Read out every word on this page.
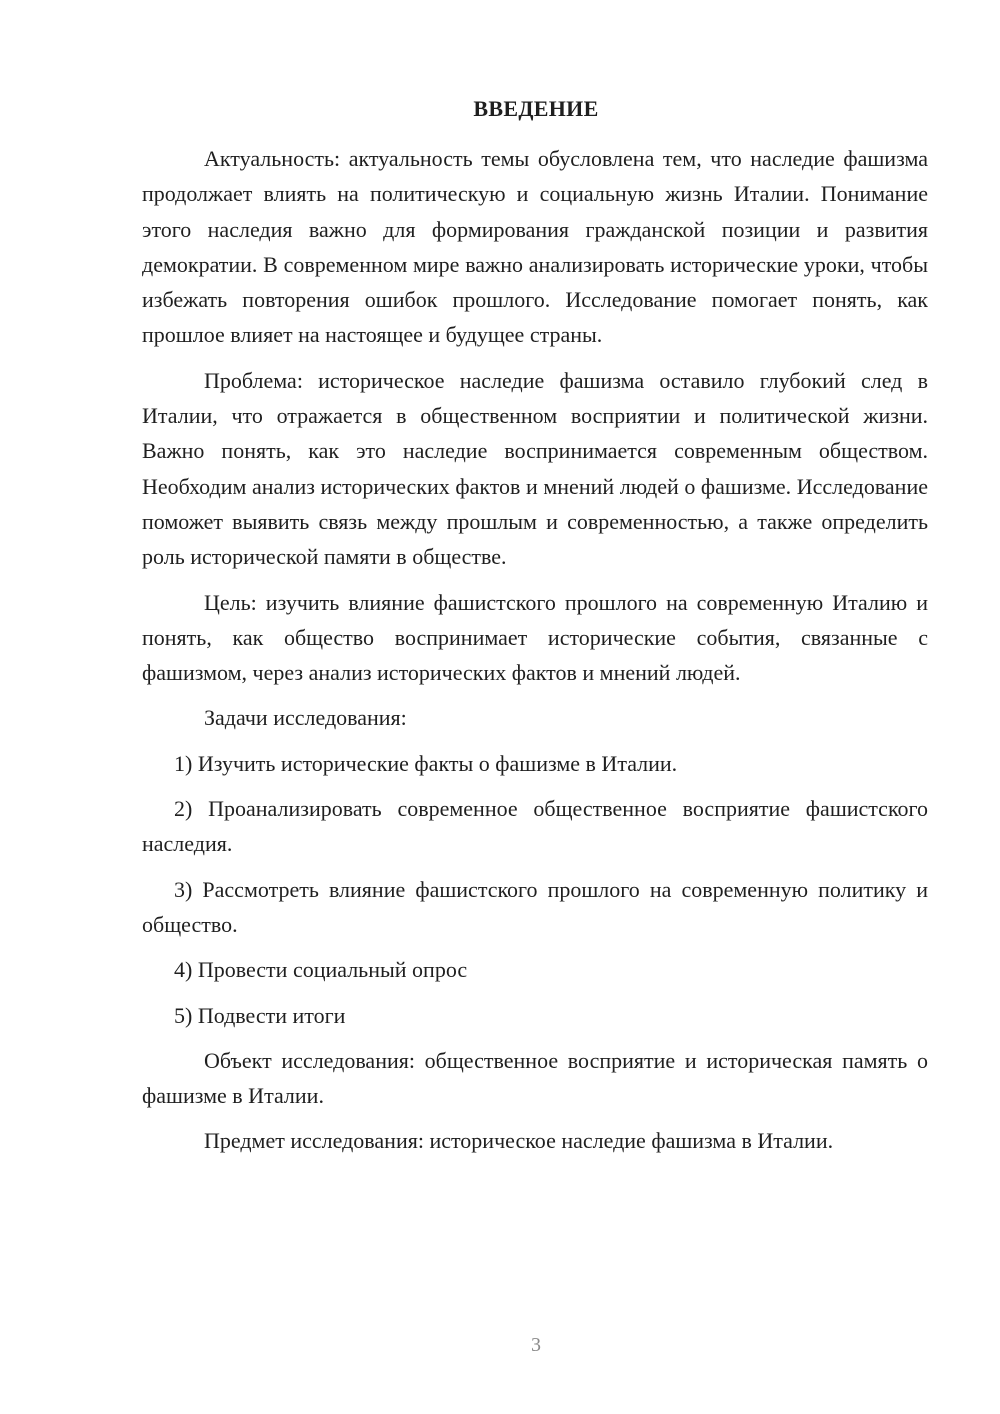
ВВЕДЕНИЕ

Актуальность: актуальность темы обусловлена тем, что наследие фашизма продолжает влиять на политическую и социальную жизнь Италии. Понимание этого наследия важно для формирования гражданской позиции и развития демократии. В современном мире важно анализировать исторические уроки, чтобы избежать повторения ошибок прошлого. Исследование помогает понять, как прошлое влияет на настоящее и будущее страны.

Проблема: историческое наследие фашизма оставило глубокий след в Италии, что отражается в общественном восприятии и политической жизни. Важно понять, как это наследие воспринимается современным обществом. Необходим анализ исторических фактов и мнений людей о фашизме. Исследование поможет выявить связь между прошлым и современностью, а также определить роль исторической памяти в обществе.

Цель: изучить влияние фашистского прошлого на современную Италию и понять, как общество воспринимает исторические события, связанные с фашизмом, через анализ исторических фактов и мнений людей.

Задачи исследования:

1) Изучить исторические факты о фашизме в Италии.

2) Проанализировать современное общественное восприятие фашистского наследия.

3) Рассмотреть влияние фашистского прошлого на современную политику и общество.

4) Провести социальный опрос

5) Подвести итоги

Объект исследования: общественное восприятие и историческая память о фашизме в Италии.

Предмет исследования: историческое наследие фашизма в Италии.

3
